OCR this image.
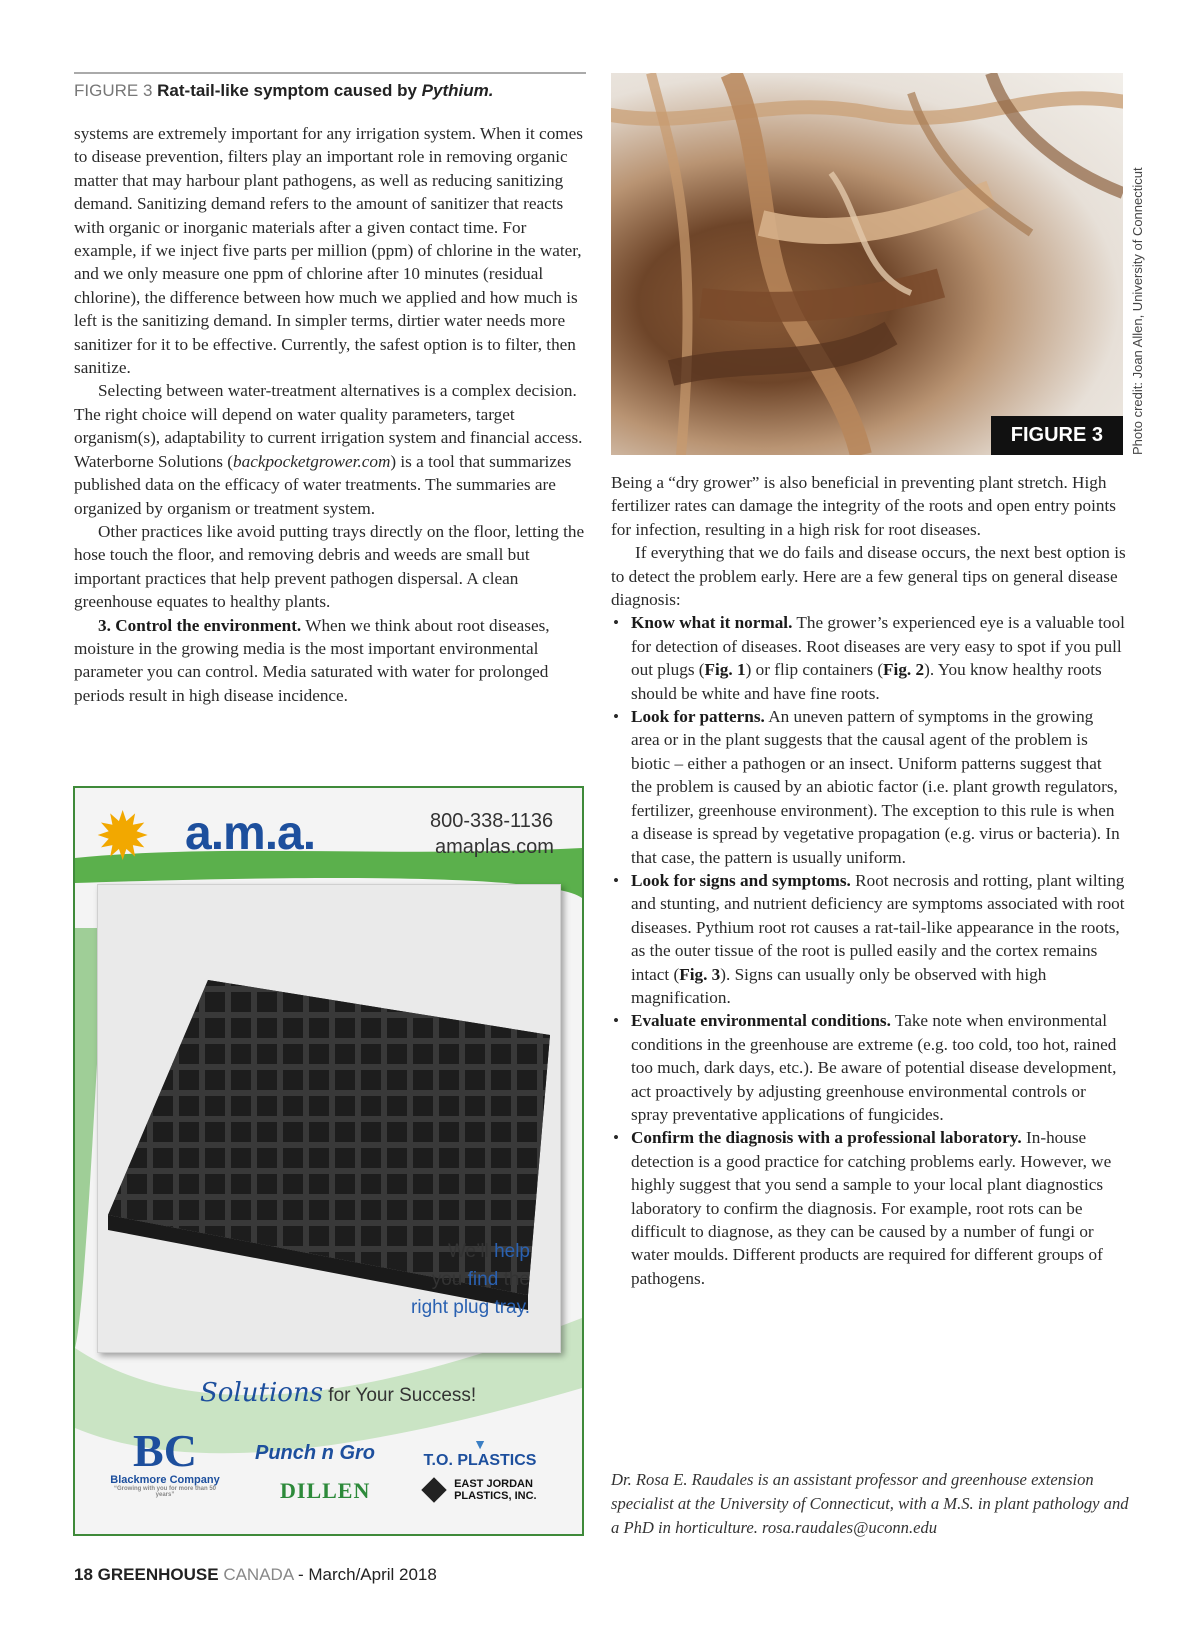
FIGURE 3 Rat-tail-like symptom caused by Pythium.

systems are extremely important for any irrigation system. When it comes to disease prevention, filters play an important role in removing organic matter that may harbour plant pathogens, as well as reducing sanitizing demand. Sanitizing demand refers to the amount of sanitizer that reacts with organic or inorganic materials after a given contact time. For example, if we inject five parts per million (ppm) of chlorine in the water, and we only measure one ppm of chlorine after 10 minutes (residual chlorine), the difference between how much we applied and how much is left is the sanitizing demand. In simpler terms, dirtier water needs more sanitizer for it to be effective. Currently, the safest option is to filter, then sanitize.

Selecting between water-treatment alternatives is a complex decision. The right choice will depend on water quality parameters, target organism(s), adaptability to current irrigation system and financial access. Waterborne Solutions (backpocketgrower.com) is a tool that summarizes published data on the efficacy of water treatments. The summaries are organized by organism or treatment system.

Other practices like avoid putting trays directly on the floor, letting the hose touch the floor, and removing debris and weeds are small but important practices that help prevent pathogen dispersal. A clean greenhouse equates to healthy plants.

3. Control the environment. When we think about root diseases, moisture in the growing media is the most important environmental parameter you can control. Media saturated with water for prolonged periods result in high disease incidence.

FIGURE 3	Photo credit: Joan Allen, University of Connecticut

Being a “dry grower” is also beneficial in preventing plant stretch. High fertilizer rates can damage the integrity of the roots and open entry points for infection, resulting in a high risk for root diseases.

If everything that we do fails and disease occurs, the next best option is to detect the problem early. Here are a few general tips on general disease diagnosis:

• Know what it normal. The grower’s experienced eye is a valuable tool for detection of diseases. Root diseases are very easy to spot if you pull out plugs (Fig. 1) or flip containers (Fig. 2). You know healthy roots should be white and have fine roots.
• Look for patterns. An uneven pattern of symptoms in the growing area or in the plant suggests that the causal agent of the problem is biotic – either a pathogen or an insect. Uniform patterns suggest that the problem is caused by an abiotic factor (i.e. plant growth regulators, fertilizer, greenhouse environment). The exception to this rule is when a disease is spread by vegetative propagation (e.g. virus or bacteria). In that case, the pattern is usually uniform.
• Look for signs and symptoms. Root necrosis and rotting, plant wilting and stunting, and nutrient deficiency are symptoms associated with root diseases. Pythium root rot causes a rat-tail-like appearance in the roots, as the outer tissue of the root is pulled easily and the cortex remains intact (Fig. 3). Signs can usually only be observed with high magnification.
• Evaluate environmental conditions. Take note when environmental conditions in the greenhouse are extreme (e.g. too cold, too hot, rained too much, dark days, etc.). Be aware of potential disease development, act proactively by adjusting greenhouse environmental controls or spray preventative applications of fungicides.
• Confirm the diagnosis with a professional laboratory. In-house detection is a good practice for catching problems early. However, we highly suggest that you send a sample to your local plant diagnostics laboratory to confirm the diagnosis. For example, root rots can be difficult to diagnose, as they can be caused by a number of fungi or water moulds. Different products are required for different groups of pathogens.
Dr. Rosa E. Raudales is an assistant professor and greenhouse extension specialist at the University of Connecticut, with a M.S. in plant pathology and a PhD in horticulture. rosa.raudales@uconn.edu
✹ a.m.a.	800-338-1136
amaplas.com
We’ll help
you find the
right plug tray.
Solutions for Your Success!
BC
Blackmore Company
“Growing with you for more than 50 years”
Punch n Gro	▼
T.O. PLASTICS
DILLEN	EAST JORDAN
PLASTICS, INC.
18 GREENHOUSE CANADA - March/April 2018
